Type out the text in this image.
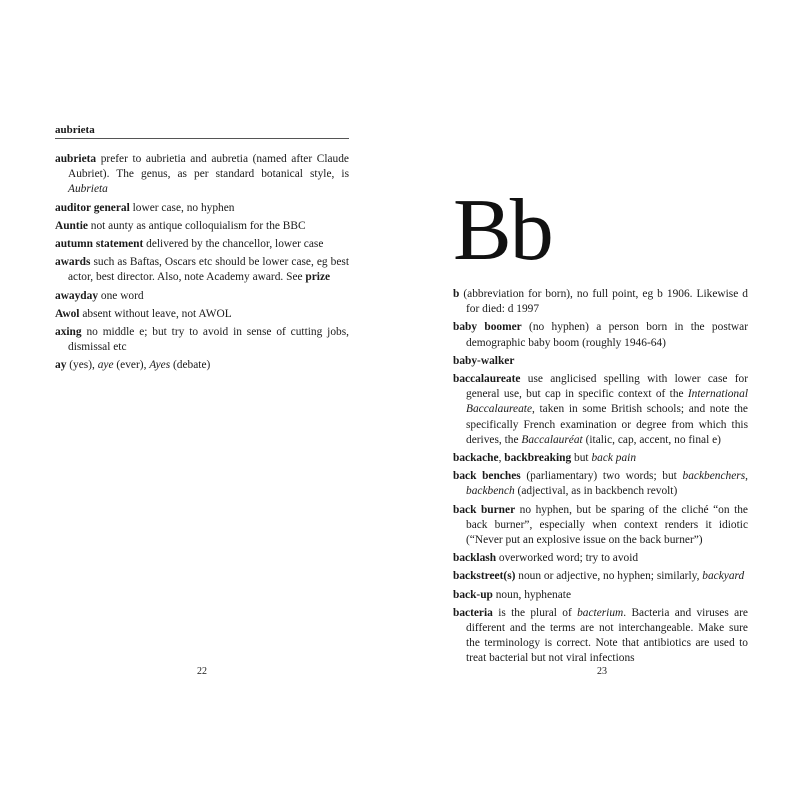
aubrieta

aubrieta prefer to aubrietia and aubretia (named after Claude Aubriet). The genus, as per standard botanical style, is Aubrieta

auditor general lower case, no hyphen

Auntie not aunty as antique colloquialism for the BBC

autumn statement delivered by the chancellor, lower case

awards such as Baftas, Oscars etc should be lower case, eg best actor, best director. Also, note Academy award. See prize

awayday one word

Awol absent without leave, not AWOL

axing no middle e; but try to avoid in sense of cutting jobs, dismissal etc

ay (yes), aye (ever), Ayes (debate)

22
Bb

b (abbreviation for born), no full point, eg b 1906. Likewise d for died: d 1997

baby boomer (no hyphen) a person born in the postwar demographic baby boom (roughly 1946-64)

baby-walker

baccalaureate use anglicised spelling with lower case for general use, but cap in specific context of the International Baccalaureate, taken in some British schools; and note the specifically French examination or degree from which this derives, the Baccalauréat (italic, cap, accent, no final e)

backache, backbreaking but back pain

back benches (parliamentary) two words; but backbenchers, backbench (adjectival, as in backbench revolt)

back burner no hyphen, but be sparing of the cliché “on the back burner”, especially when context renders it idiotic (“Never put an explosive issue on the back burner”)

backlash overworked word; try to avoid

backstreet(s) noun or adjective, no hyphen; similarly, backyard

back-up noun, hyphenate

bacteria is the plural of bacterium. Bacteria and viruses are different and the terms are not interchangeable. Make sure the terminology is correct. Note that antibiotics are used to treat bacterial but not viral infections

23
